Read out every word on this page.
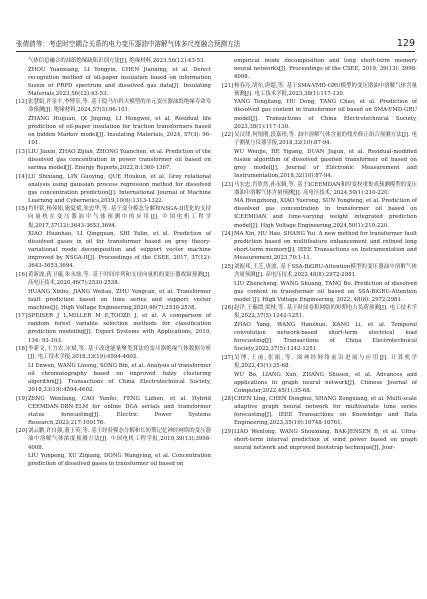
张倩倩等：考虑时空耦合关系的电力变压器油中溶解气体多尺度融合预测方法	129
气体信息融合的油纸绝缘缺陷识别方法[J]. 绝缘材料,2023,56(12):43-53.
ZHOU Yuanxiang, LI Yongyin, CHEN Jianning, et al. Defect recognition method of oil-paper insulation based on information fusion of PRPD spectrum and dissolved gas data[J]. Insulating Materials,2023,56(12):43-53.
[12] 张慧娟,许金平,李博乐,等. 基于隐马尔科夫模型的单元变压器油纸绝缘寿命寿命预测[J]. 绝缘材料,2024,57(3):96-101.
ZHANG Huijuan, QI Jinping, LI Hongwei, et al. Residual life prediction of oil-paper insulation for traction transformers based on hidden Markov model[J]. Insulating Materials, 2024, 57(3): 96-101.
[13] LIU Jiaxin, ZHAO Zijian, ZHONG Yuanchen, et al. Prediction of the dissolved gas concentration in power transformer oil based on sarima model[J]. Energy Reports,2022,8:1360-1367.
[14] LU Shixiang, LIN Guoying, QUE Houkun, et al. Grey relational analysis using gaussian process regression method for dissolved gas concentration prediction[J]. International Journal of Machine Learning and Cybernetics,2019,10(6):1313-1322.
[15] 肖轩铭,杨蓉娟,施夏斌,朱忠华,等. 基于变分模态分解和NSGA-II优化的支持向量机在变压器油中气体预测中的应用[J]. 中国电机工程学报,2017,37(12):3643-3653,3694.
XIAO Huanhao, LI Qingquan, SHI Yalin, et al. Prediction of dissolved gases in oil for transformer based on grey theory-variational mode decomposition and support vector machine improved by NSGA-II[J]. Proceedings of the CSEE, 2017, 37(12): 3643-3653,3694.
[16] 黄新波,蒋卫薇,朱永灿,等. 基于时间序列和支持向量机的变压器故障预测[J]. 高电压技术,2020,46(7):2530-2538.
HUANG Xinbo, JIANG Weitao, ZHU Yongcan, et al. Transformer fault prediction based on time series and support vector machine[J]. High Voltage Engineering,2020,46(7):2530-2538.
[17] SPEISER J L,MILLER M E,TOOZE J, et al. A comparison of random forest variable selection methods for classification prediction modeling[J]. Expert Systems with Applications, 2019, 134: 93-103.
[18] 李新文,王力农,宋斌,等. 基于改进能量聚类算法的变压器绝缘气体数据分析[J]. 电工技术学报,2018,33(19):4594-4602.
LI Enwen, WANG Linong, SONG Bin, et al. Analysis of transformer oil chromatography based on improved fuzzy clustering algorithm[J]. Transactions of China Electrotechnical Society, 2018,33(19):4594-4602.
[19] ZENG Wenliang, CAO Yunfei, FENG Lizhen, et al. Hybrid CEEMDAN-DBN-ELM for online DGA serials and transformer status forecasting[J]. Electric Power Systems Research,2023,217:109176.
[20] 刘云鹏,许自强,董王英,等. 基于经验模态分解和长短期记忆神经网络的变压器油中溶解气体浓度预测方法[J]. 中国电机工程学报,2019,39(13):3998-4008.
LIU Yunpeng, XU Ziqiang, DONG Wangying, et al. Concentration prediction of dissolved gases in transformer oil based on
empirical mode decomposition and long short-term memory neural networks[J]. Proceedings of the CSEE, 2019, 39(13): 3998-4008.
[21] 杨春亮,胡东,唐超,等. 基于SMA-VMD-GRU模型的变压器油中溶解气体含量预测[J]. 电工技术学报,2023,38(1):117-130.
YANG Tongliang, HU Dong, TANG Chao, et al. Prediction of dissolved gas content in transformer oil based on SMA-VMD-GRU model[J]. Transactions of China Electrotechnical Society, 2023,38(1):117-130.
[22] 吴汉律,何怡刚,段嘉珍,等. 油中溶解气体含量的残差修正组合预测方法[J]. 电子测量与仪器学报,2018,32(10):87-94.
WU Wenjie, HE Yigang, DUAN Jiajun, et al. Residual-modified fusion algorithm of dissolved gasified transformer oil based on grey model[J]. Journal of Electronic Measurement and Instrumentation,2018,32(10):87-94.
[23] 马宏忠,肖欣然,孙永腾,等. 基于ICEEMDAN和时变权重集成预测模型的变压器油中溶解气体含量预测[J]. 高电压技术, 2024,50(1):210-220.
MA Hongzhong, XIAO Yuerong, SUN Yongteng, et al. Prediction of dissolved gas concentration in transformer oil based on ICEEMDAN and time-varying weight integrated prediction model[J]. High Voltage Engineering,2024,50(1):210-220.
[24] MA Xin, HU Hao, SHANG Yui. A new method for transformer fault prediction based on multifeature enhancement and refined long short-term memory[J]. IEEE Transactions on Instrumentation and Measurement,2023,70:1-11.
[25] 刘振邦,王芝,唐波. 基于SSA-BiGRU-Attention模型的变压器油中溶解气体含量预测[J]. 高电压技术,2022,48(8):2972-2981.
LIU Zhencheng, WANG Shuang, TANG Bo. Prediction of dissolved gas content in transformer oil based on SSA-BiGRU-Attention model [J]. High Voltage Engineering, 2022, 48(8): 2972-2981.
[26] 赵洋,王瀚谭,梁林,等. 基于时间卷积网络的短期电力负荷预测[J]. 电工技术学报,2022,37(5):1242-1251.
ZHAO Yang, WANG Hanzhuo, KANG Li, et al. Temporal convolution network-based short-term electrical load forecasting[J]. Transactions of China Electrotechnical Society,2022,37(5):1242-1251.
[27] 吴博,王丽,张振,等. 图神经网络前沿进展与应用[J]. 计算机学报,2022,45(1):35-68.
WU Bo, LIANG Xun, ZHANG Shusen, et al. Advances and applications in graph neural network[J]. Chinese Journal of Computer,2022,45(1):35-68.
[28] CHEN Ling, CHEN Donghui, SHANG Zongxiang, et al. Multi-scale adaptive graph neural network for multivariate time series forecasting[J]. IEEE Transactions on Knowledge and Data Engineering,2023,35(10):10748-10761.
[29] LIAO Wenlong, WANG Shouxiang, BAK-JENSEN B, et al. Ultra-short-term interval prediction of wind power based on graph neural network and improved bootstrap technique[J]. Jour-
